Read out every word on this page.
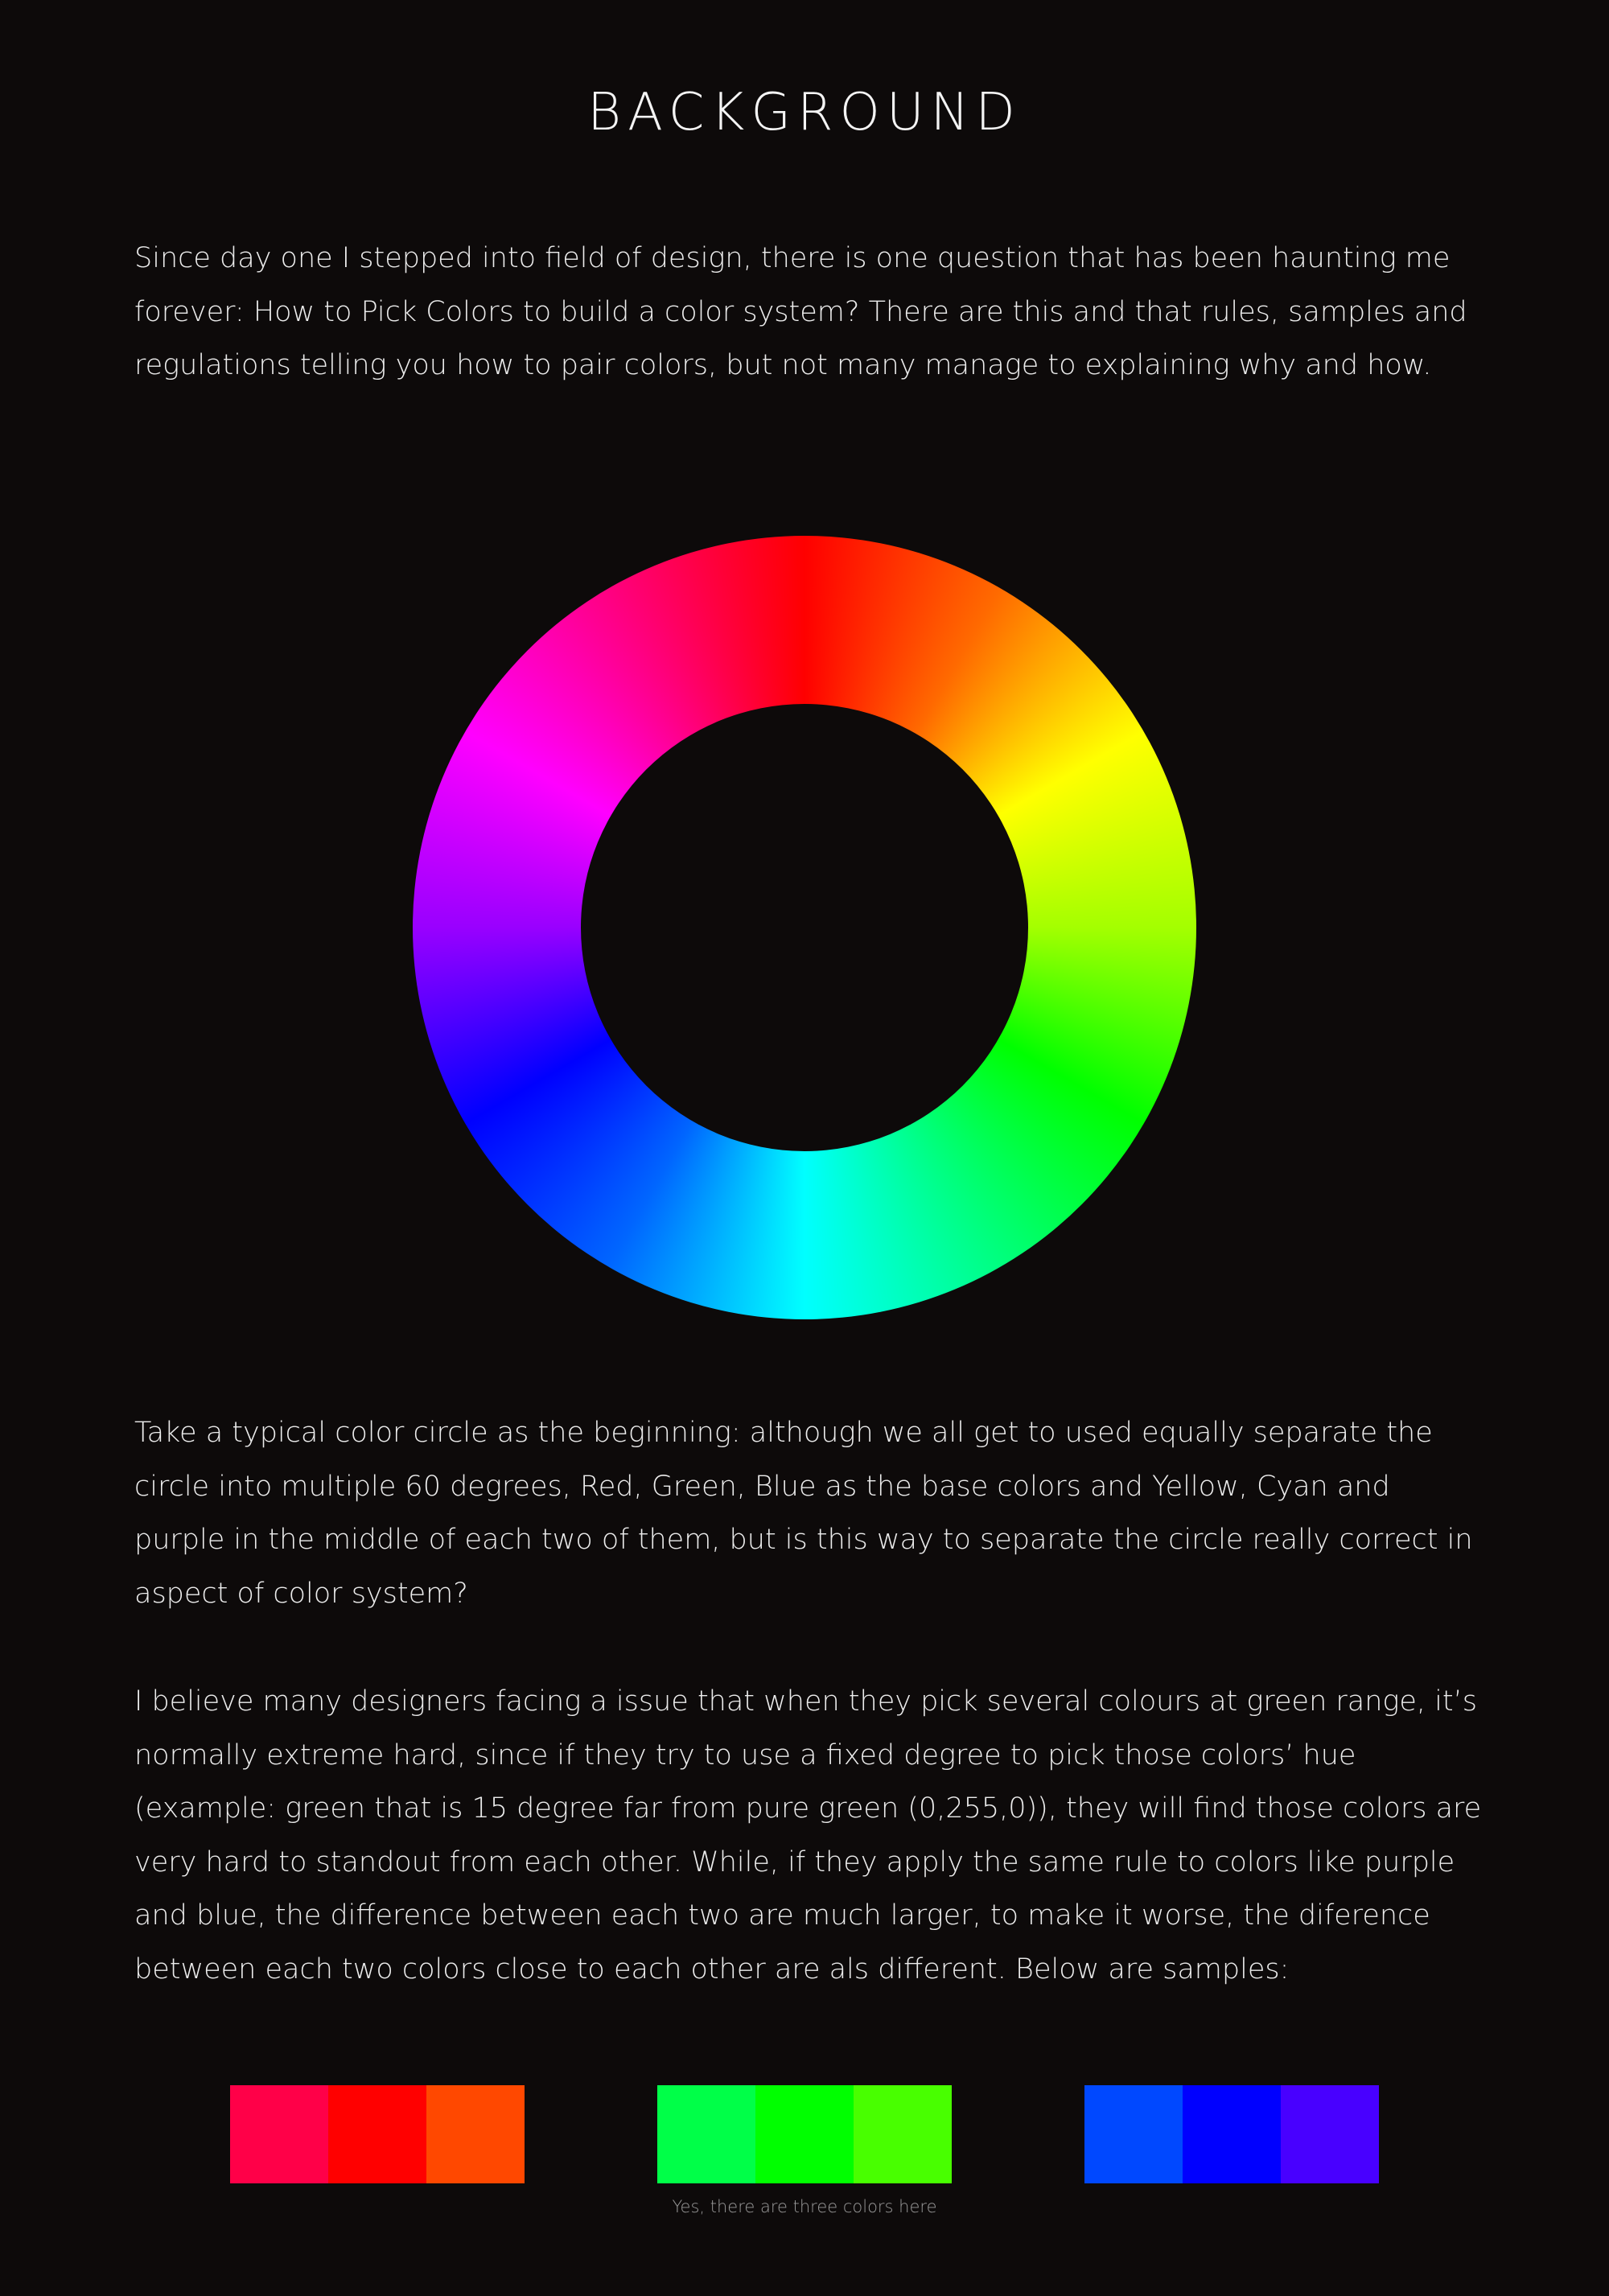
BACKGROUND

Since day one I stepped into field of design, there is one question that has been haunting me forever: How to Pick Colors to build a color system? There are this and that rules, samples and regulations telling you how to pair colors, but not many manage to explaining why and how.

Take a typical color circle as the beginning: although we all get to used equally separate the circle into multiple 60 degrees, Red, Green, Blue as the base colors and Yellow, Cyan and purple in the middle of each two of them, but is this way to separate the circle really correct in aspect of color system?

I believe many designers facing a issue that when they pick several colours at green range, it’s normally extreme hard, since if they try to use a fixed degree to pick those colors’ hue (example: green that is 15 degree far from pure green (0,255,0)), they will find those colors are very hard to standout from each other. While, if they apply the same rule to colors like purple and blue, the difference between each two are much larger, to make it worse, the diference between each two colors close to each other are als different. Below are samples:

Yes, there are three colors here
